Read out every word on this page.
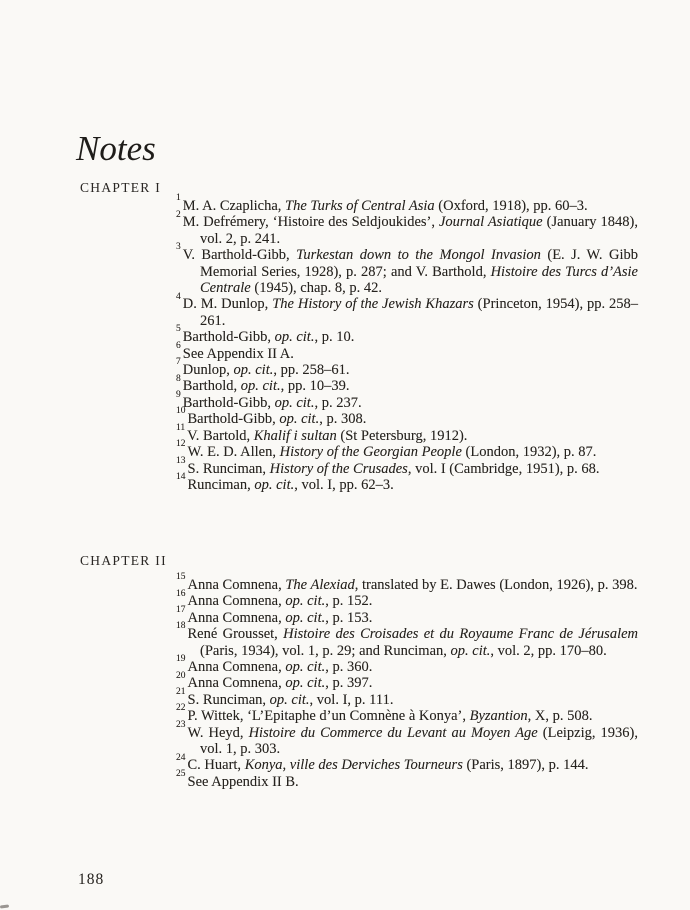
Notes
CHAPTER I

$^1$ M. A. Czaplicha, The Turks of Central Asia (Oxford, 1918), pp. 60–3.

$^2$ M. Defrémery, ‘Histoire des Seldjoukides’, Journal Asiatique (January 1848), vol. 2, p. 241.

$^3$ V. Barthold-Gibb, Turkestan down to the Mongol Invasion (E. J. W. Gibb Memorial Series, 1928), p. 287; and V. Barthold, Histoire des Turcs d’Asie Centrale (1945), chap. 8, p. 42.

$^4$ D. M. Dunlop, The History of the Jewish Khazars (Princeton, 1954), pp. 258– 261.

$^5$ Barthold-Gibb, op. cit., p. 10.

$^6$ See Appendix II A.

$^7$ Dunlop, op. cit., pp. 258–61.

$^8$ Barthold, op. cit., pp. 10–39.

$^9$ Barthold-Gibb, op. cit., p. 237.

$^{10}$ Barthold-Gibb, op. cit., p. 308.

$^{11}$ V. Bartold, Khalif i sultan (St Petersburg, 1912).

$^{12}$ W. E. D. Allen, History of the Georgian People (London, 1932), p. 87.

$^{13}$ S. Runciman, History of the Crusades, vol. I (Cambridge, 1951), p. 68.

$^{14}$ Runciman, op. cit., vol. I, pp. 62–3.

CHAPTER II

$^{15}$ Anna Comnena, The Alexiad, translated by E. Dawes (London, 1926), p. 398.

$^{16}$ Anna Comnena, op. cit., p. 152.

$^{17}$ Anna Comnena, op. cit., p. 153.

$^{18}$ René Grousset, Histoire des Croisades et du Royaume Franc de Jérusalem (Paris, 1934), vol. 1, p. 29; and Runciman, op. cit., vol. 2, pp. 170–80.

$^{19}$ Anna Comnena, op. cit., p. 360.

$^{20}$ Anna Comnena, op. cit., p. 397.

$^{21}$ S. Runciman, op. cit., vol. I, p. 111.

$^{22}$ P. Wittek, ‘L’Epitaphe d’un Comnène à Konya’, Byzantion, X, p. 508.

$^{23}$ W. Heyd, Histoire du Commerce du Levant au Moyen Age (Leipzig, 1936), vol. 1, p. 303.

$^{24}$ C. Huart, Konya, ville des Derviches Tourneurs (Paris, 1897), p. 144.

$^{25}$ See Appendix II B.

188
